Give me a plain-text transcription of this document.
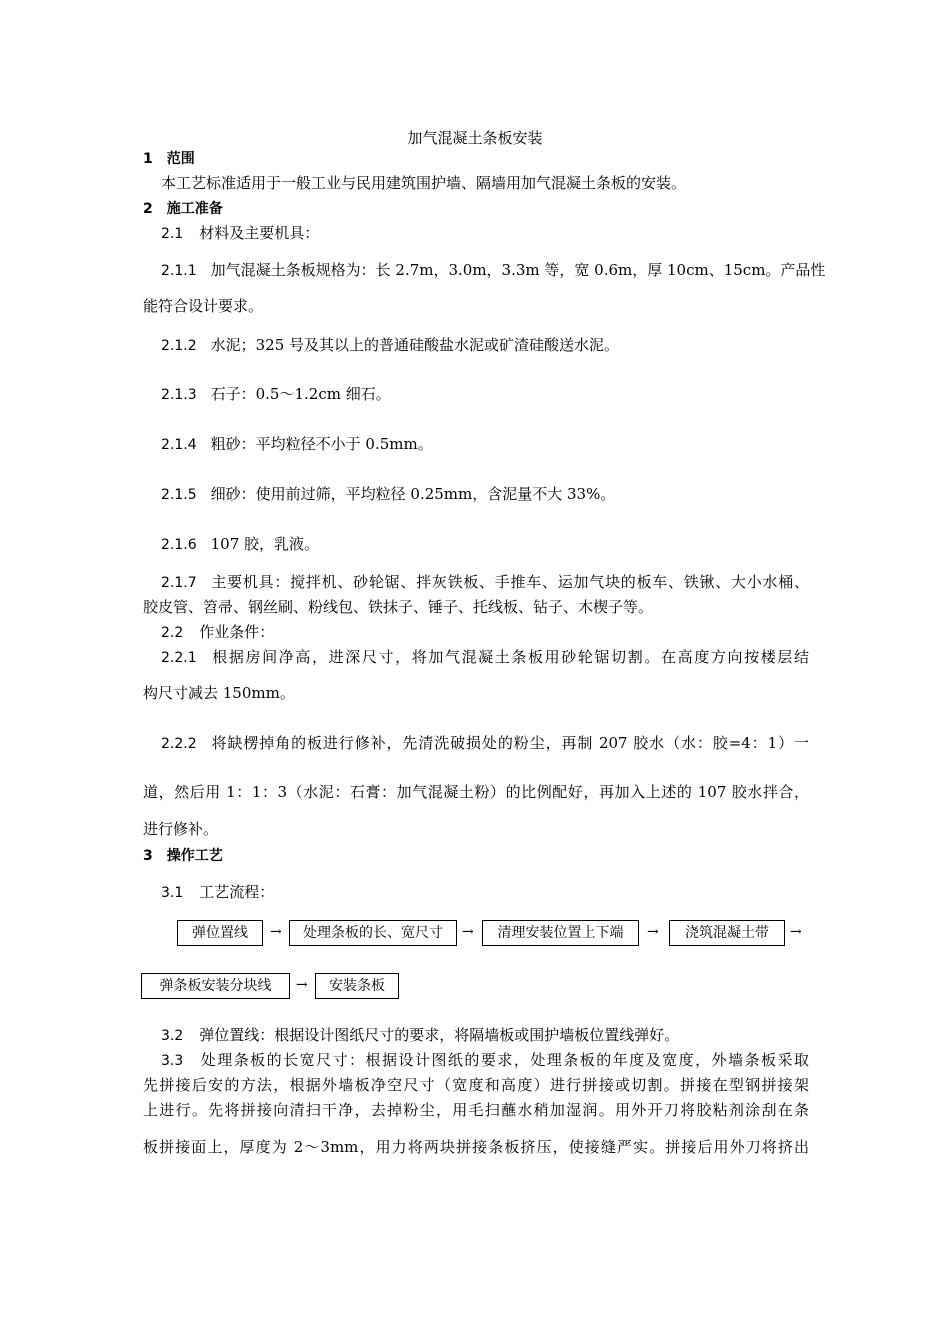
加气混凝土条板安装
1 范围
本工艺标准适用于一般工业与民用建筑围护墙、隔墙用加气混凝土条板的安装。
2 施工准备
2.1 材料及主要机具：
2.1.1 加气混凝土条板规格为：长 2.7m，3.0m，3.3m 等，宽 0.6m，厚 10cm、15cm。产品性
能符合设计要求。
2.1.2 水泥；325 号及其以上的普通硅酸盐水泥或矿渣硅酸送水泥。
2.1.3 石子：0.5～1.2cm 细石。
2.1.4 粗砂：平均粒径不小于 0.5mm。
2.1.5 细砂：使用前过筛，平均粒径 0.25mm，含泥量不大 33%。
2.1.6 107 胶，乳液。
2.1.7 主要机具：搅拌机、砂轮锯、拌灰铁板、手推车、运加气块的板车、铁锹、大小水桶、
胶皮管、笤帚、钢丝刷、粉线包、铁抹子、锤子、托线板、钻子、木楔子等。
2.2 作业条件：
2.2.1 根据房间净高，进深尺寸，将加气混凝土条板用砂轮锯切割。在高度方向按楼层结
构尺寸减去 150mm。
2.2.2 将缺楞掉角的板进行修补，先清洗破损处的粉尘，再制 207 胶水（水：胶=4：1）一
道，然后用 1：1：3（水泥：石膏：加气混凝土粉）的比例配好，再加入上述的 107 胶水拌合，
进行修补。
3 操作工艺
3.1 工艺流程：
弹位置线	→	处理条板的长、宽尺寸	→	清理安装位置上下端	→	浇筑混凝土带	→
弹条板安装分块线	→	安装条板
3.2 弹位置线：根据设计图纸尺寸的要求，将隔墙板或围护墙板位置线弹好。
3.3 处理条板的长宽尺寸：根据设计图纸的要求，处理条板的年度及宽度，外墙条板采取
先拼接后安的方法，根据外墙板净空尺寸（宽度和高度）进行拼接或切割。拼接在型钢拼接架
上进行。先将拼接向清扫干净，去掉粉尘，用毛扫蘸水稍加湿润。用外开刀将胶粘剂涂刮在条
板拼接面上，厚度为 2～3mm，用力将两块拼接条板挤压，使接缝严实。拼接后用外刀将挤出
